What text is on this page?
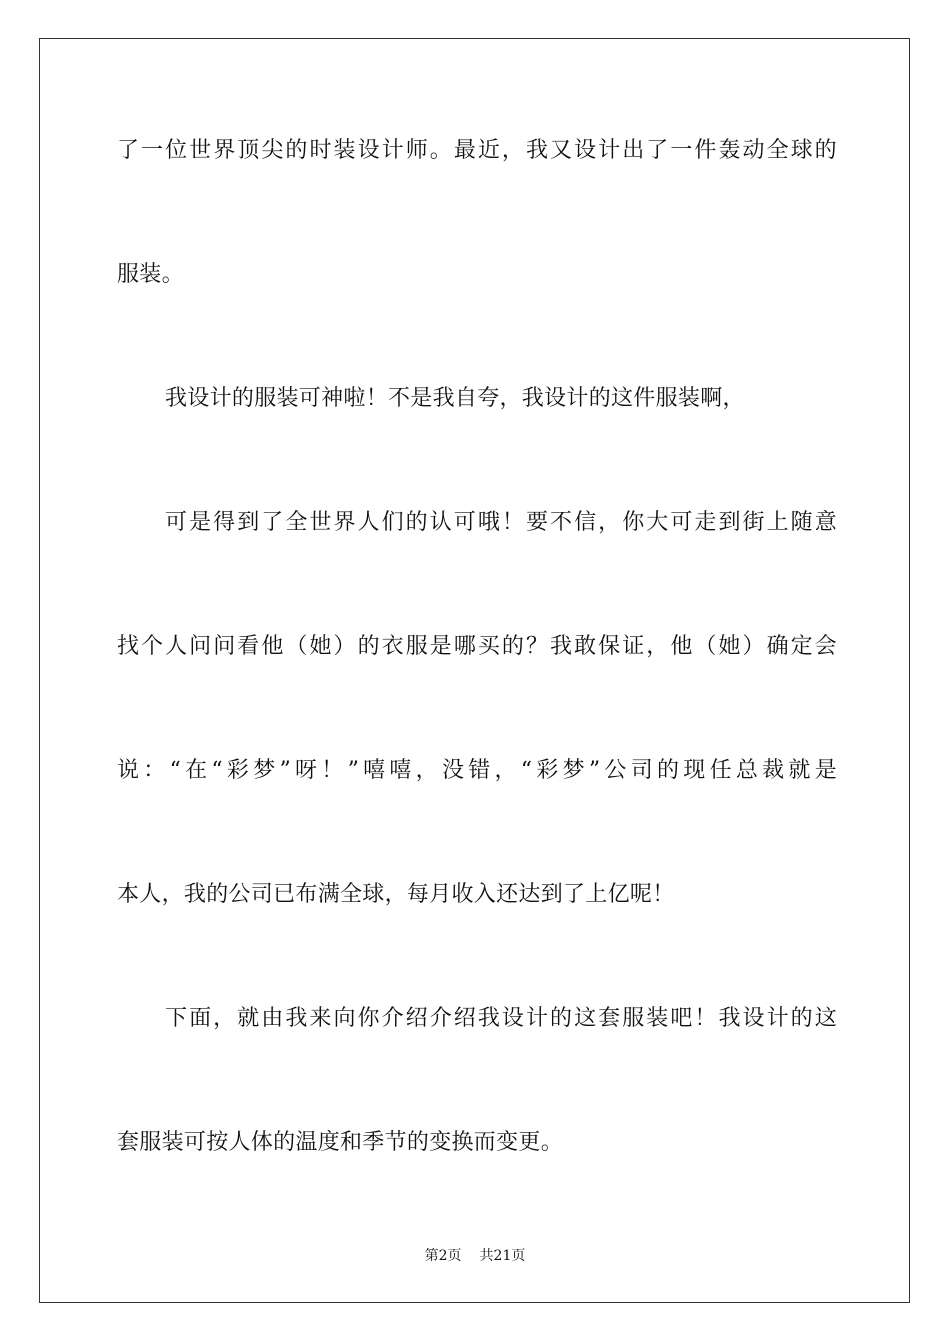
了一位世界顶尖的时装设计师。最近，我又设计出了一件轰动全球的
服装。
我设计的服装可神啦！不是我自夸，我设计的这件服装啊，
可是得到了全世界人们的认可哦！要不信，你大可走到街上随意
找个人问问看他（她）的衣服是哪买的？我敢保证，他（她）确定会
说：“在“彩梦”呀！”嘻嘻，没错，“彩梦”公司的现任总裁就是
本人，我的公司已布满全球，每月收入还达到了上亿呢！
下面，就由我来向你介绍介绍我设计的这套服装吧！我设计的这
套服装可按人体的温度和季节的变换而变更。
第2页 共21页
